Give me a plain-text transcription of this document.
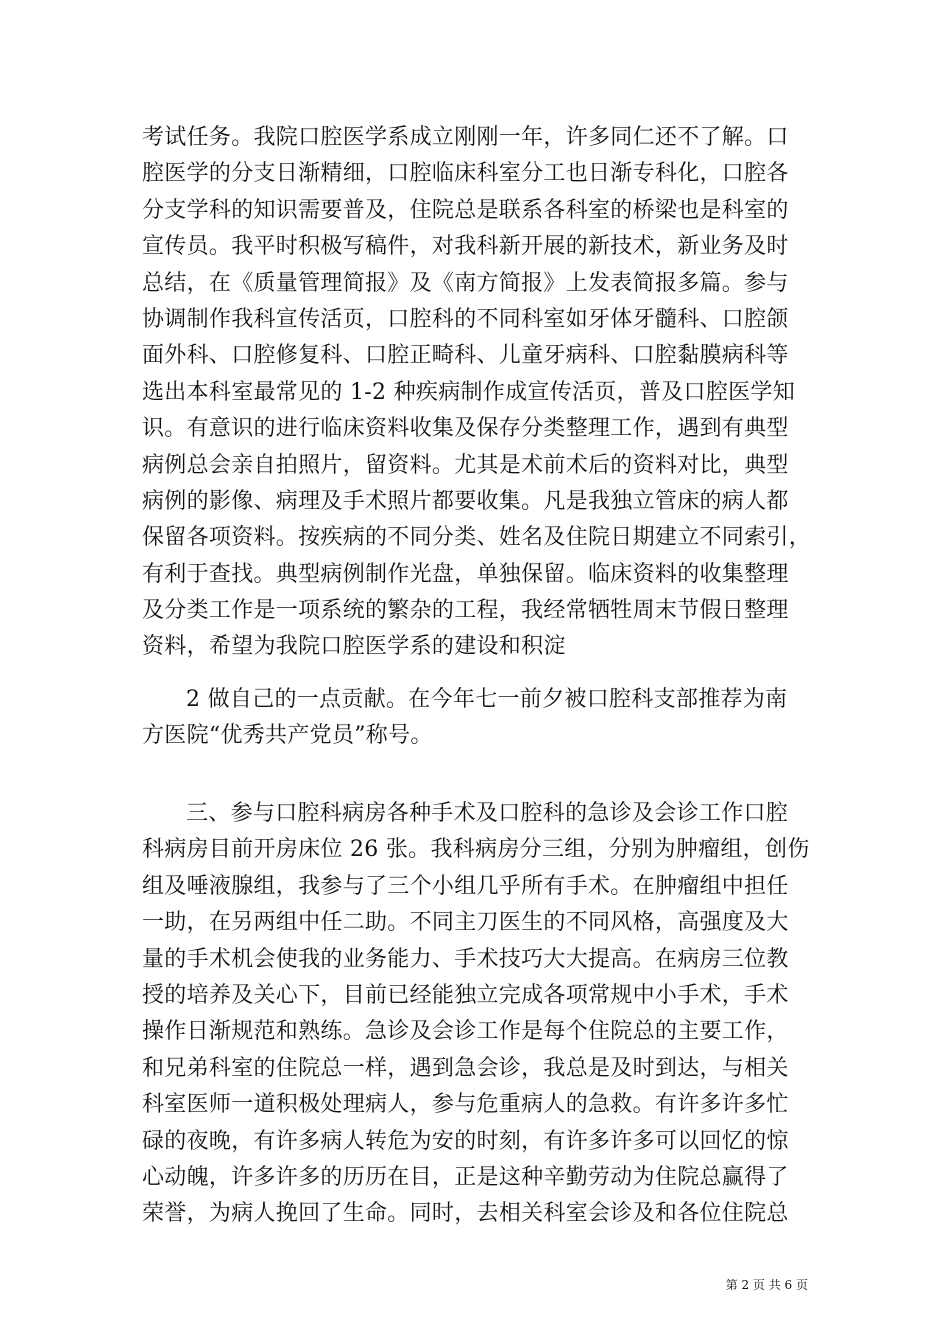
考试任务。我院口腔医学系成立刚刚一年，许多同仁还不了解。口
腔医学的分支日渐精细，口腔临床科室分工也日渐专科化，口腔各
分支学科的知识需要普及，住院总是联系各科室的桥梁也是科室的
宣传员。我平时积极写稿件，对我科新开展的新技术，新业务及时
总结，在《质量管理简报》及《南方简报》上发表简报多篇。参与
协调制作我科宣传活页，口腔科的不同科室如牙体牙髓科、口腔颌
面外科、口腔修复科、口腔正畸科、儿童牙病科、口腔黏膜病科等
选出本科室最常见的 1-2 种疾病制作成宣传活页，普及口腔医学知
识。有意识的进行临床资料收集及保存分类整理工作，遇到有典型
病例总会亲自拍照片，留资料。尤其是术前术后的资料对比，典型
病例的影像、病理及手术照片都要收集。凡是我独立管床的病人都
保留各项资料。按疾病的不同分类、姓名及住院日期建立不同索引，
有利于查找。典型病例制作光盘，单独保留。临床资料的收集整理
及分类工作是一项系统的繁杂的工程，我经常牺牲周末节假日整理
资料，希望为我院口腔医学系的建设和积淀
2 做自己的一点贡献。在今年七一前夕被口腔科支部推荐为南
方医院“优秀共产党员”称号。
三、参与口腔科病房各种手术及口腔科的急诊及会诊工作口腔
科病房目前开房床位 26 张。我科病房分三组，分别为肿瘤组，创伤
组及唾液腺组，我参与了三个小组几乎所有手术。在肿瘤组中担任
一助，在另两组中任二助。不同主刀医生的不同风格，高强度及大
量的手术机会使我的业务能力、手术技巧大大提高。在病房三位教
授的培养及关心下，目前已经能独立完成各项常规中小手术，手术
操作日渐规范和熟练。急诊及会诊工作是每个住院总的主要工作，
和兄弟科室的住院总一样，遇到急会诊，我总是及时到达，与相关
科室医师一道积极处理病人，参与危重病人的急救。有许多许多忙
碌的夜晚，有许多病人转危为安的时刻，有许多许多可以回忆的惊
心动魄，许多许多的历历在目，正是这种辛勤劳动为住院总赢得了
荣誉，为病人挽回了生命。同时，去相关科室会诊及和各位住院总
第 2 页 共 6 页
